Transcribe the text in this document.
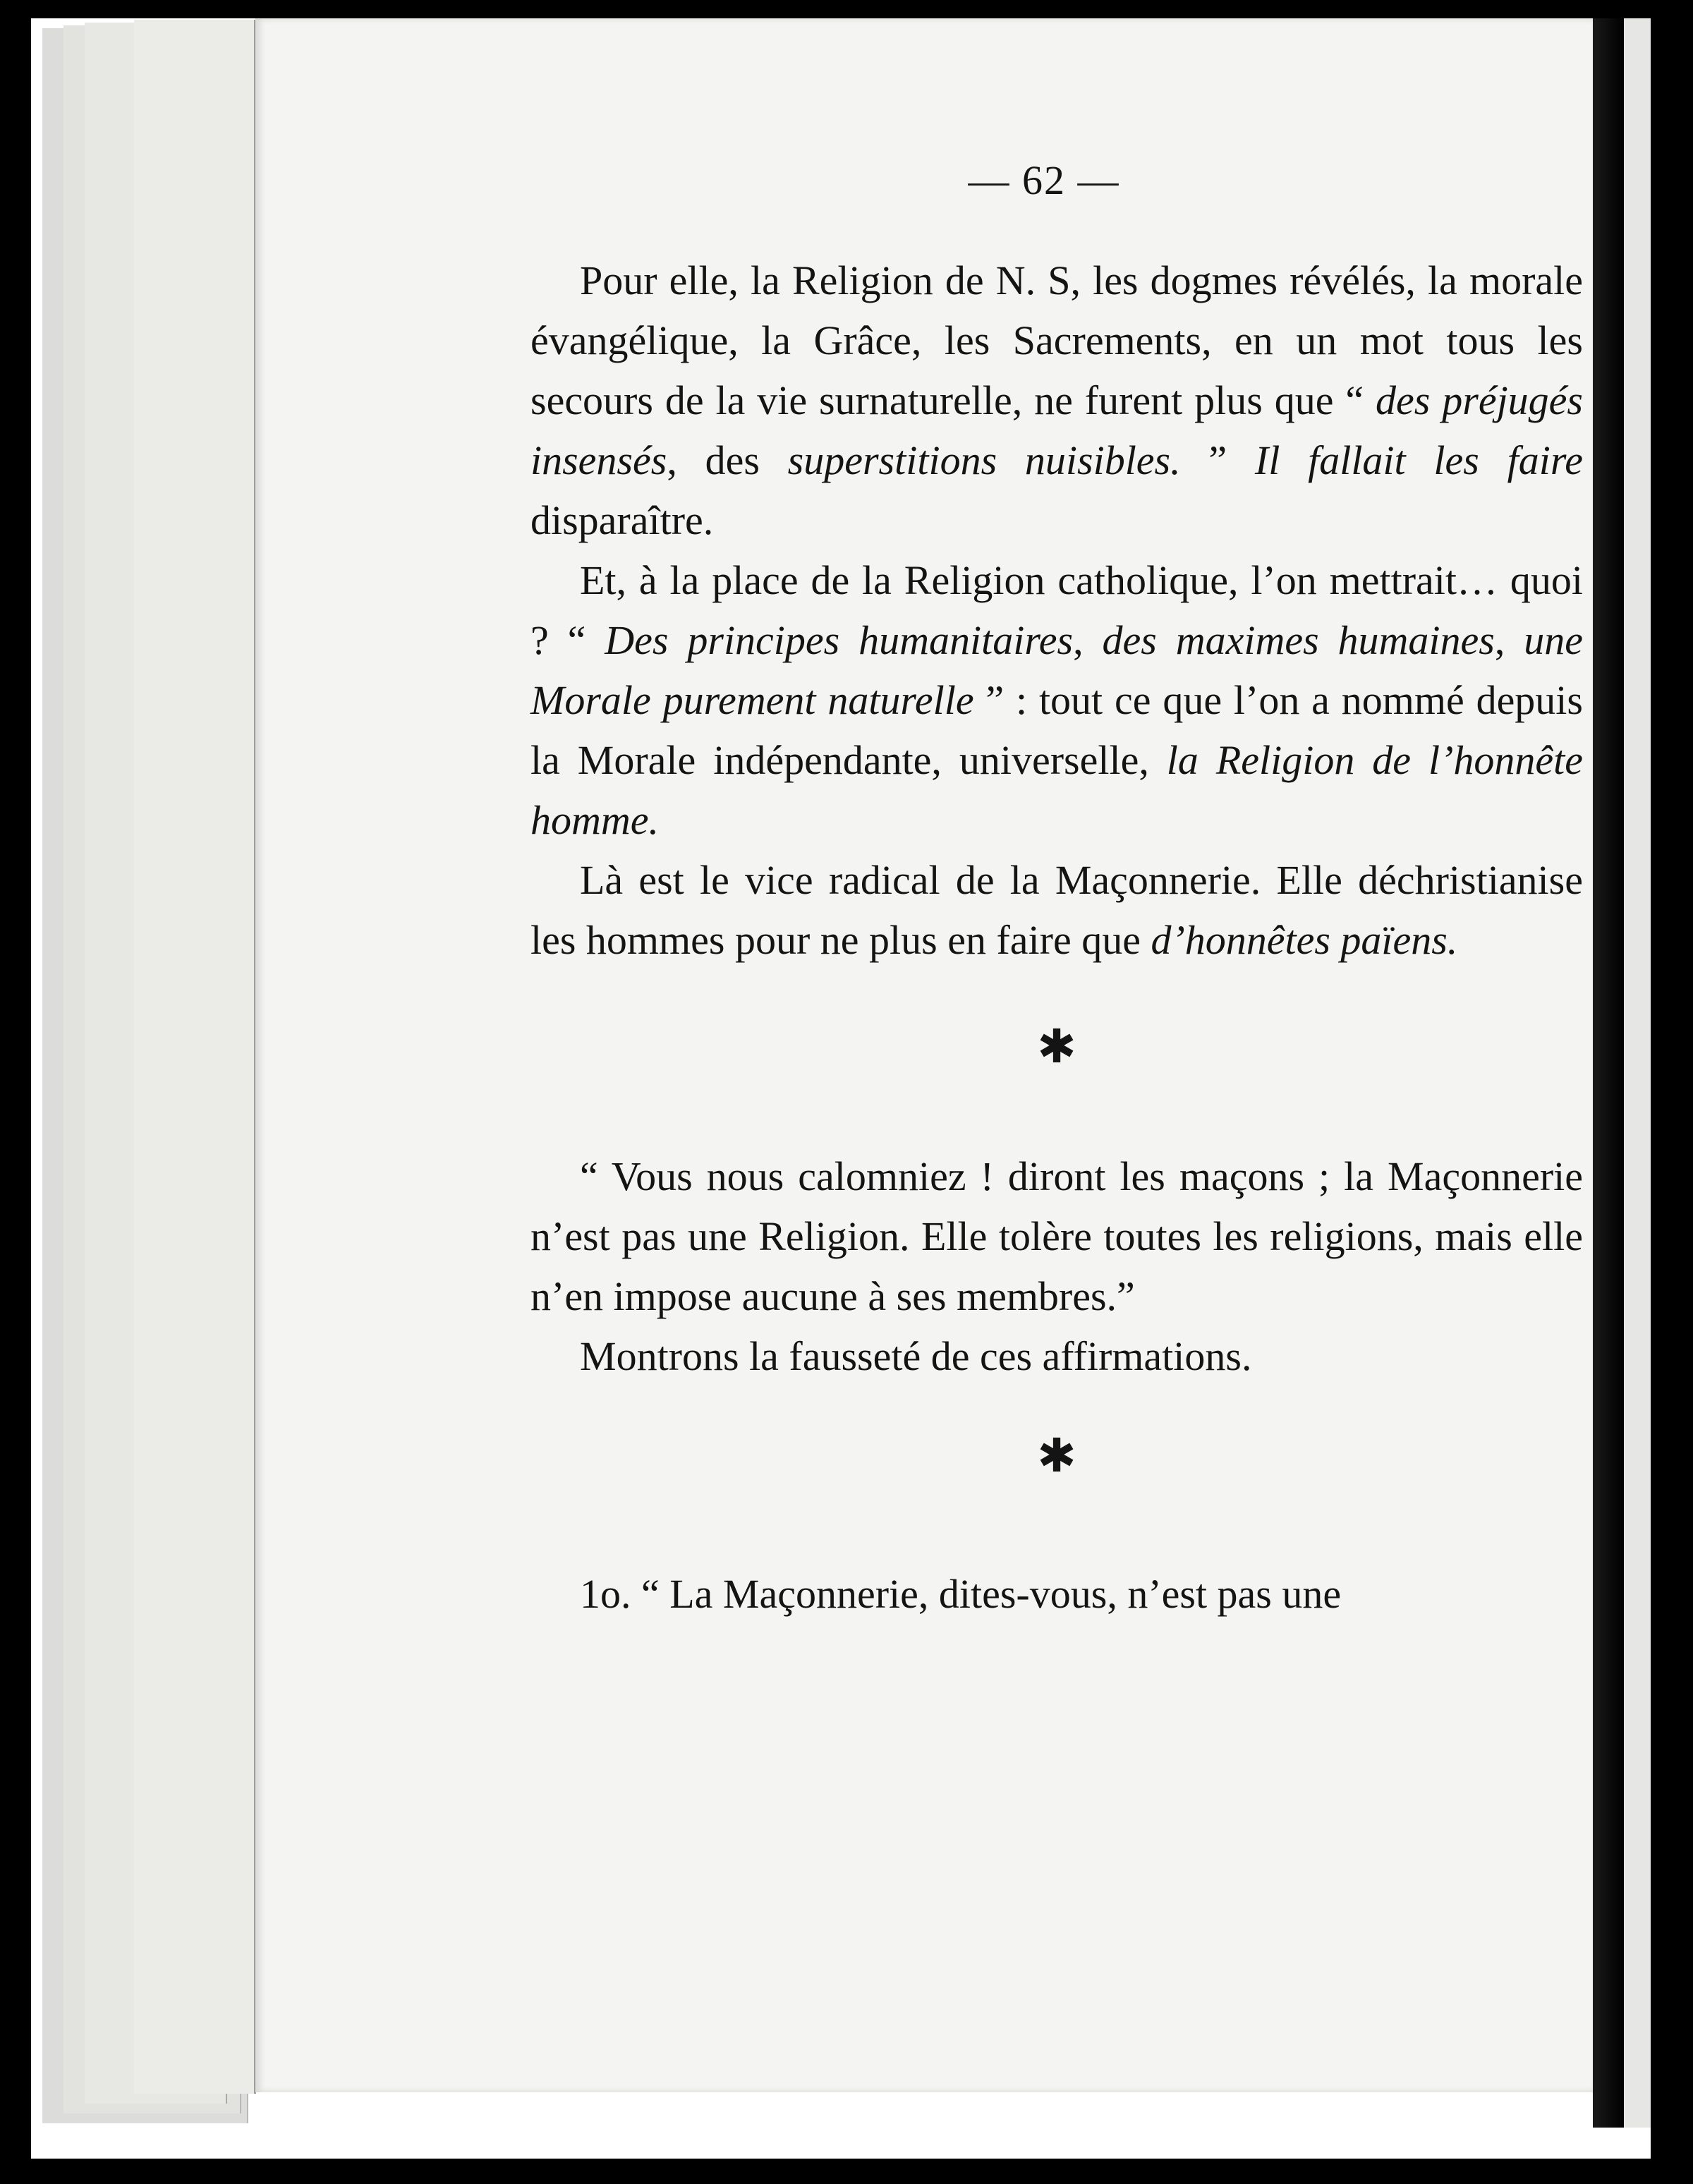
— 62 —

Pour elle, la Religion de N. S, les dogmes révélés, la morale évangélique, la Grâce, les Sacrements, en un mot tous les secours de la vie surnaturelle, ne furent plus que “ des préjugés insensés, des superstitions nuisibles. ” Il fallait les faire disparaître.

Et, à la place de la Religion catholique, l’on mettrait… quoi ? “ Des principes humanitaires, des maximes humaines, une Morale purement naturelle ” : tout ce que l’on a nommé depuis la Morale indépendante, universelle, la Religion de l’honnête homme.

Là est le vice radical de la Maçonnerie. Elle déchristianise les hommes pour ne plus en faire que d’honnêtes païens.

✱

“ Vous nous calomniez ! diront les maçons ; la Maçonnerie n’est pas une Religion. Elle tolère toutes les religions, mais elle n’en impose aucune à ses membres.”

Montrons la fausseté de ces affirmations.

✱

1o. “ La Maçonnerie, dites-vous, n’est pas une
